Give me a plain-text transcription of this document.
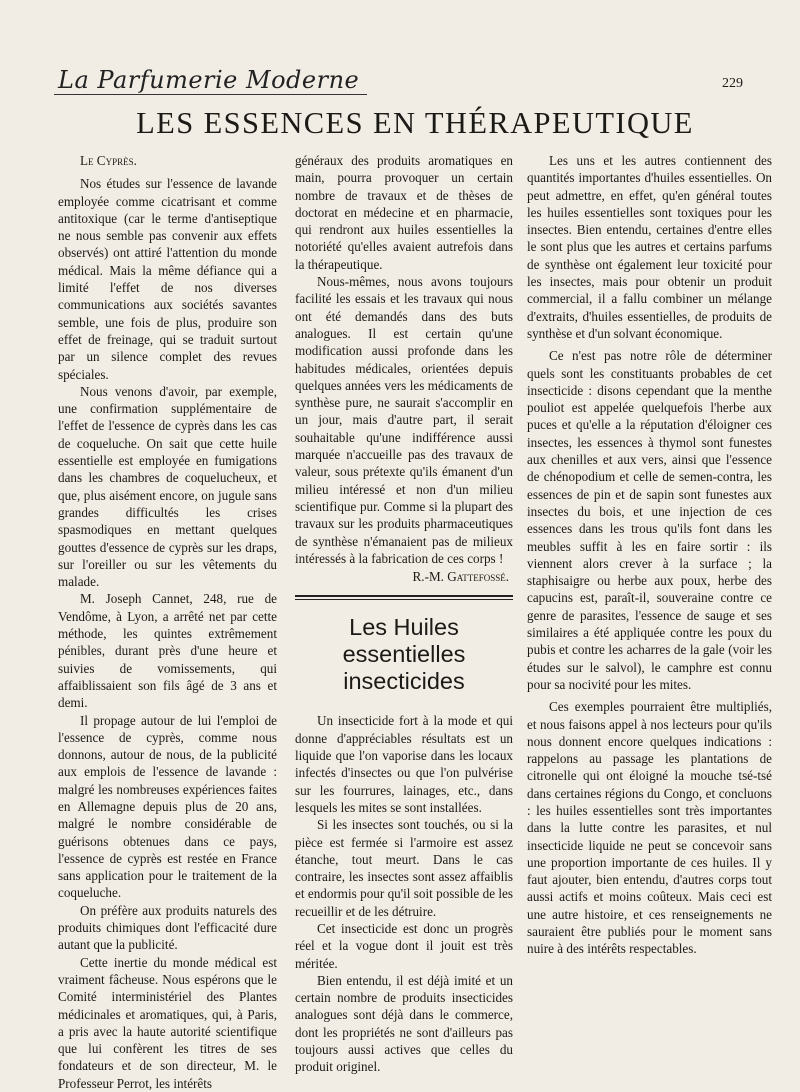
La Parfumerie Moderne	229
LES ESSENCES EN THÉRAPEUTIQUE

Le Cyprès.

Nos études sur l'essence de lavande employée comme cicatrisant et comme antitoxique (car le terme d'antiseptique ne nous semble pas convenir aux effets observés) ont attiré l'attention du monde médical. Mais la même défiance qui a limité l'effet de nos diverses communications aux sociétés savantes semble, une fois de plus, produire son effet de freinage, qui se traduit surtout par un silence complet des revues spéciales.

Nous venons d'avoir, par exemple, une confirmation supplémentaire de l'effet de l'essence de cyprès dans les cas de coqueluche. On sait que cette huile essentielle est employée en fumigations dans les chambres de coquelucheux, et que, plus aisément encore, on jugule sans grandes difficultés les crises spasmodiques en mettant quelques gouttes d'essence de cyprès sur les draps, sur l'oreiller ou sur les vêtements du malade.

M. Joseph Cannet, 248, rue de Vendôme, à Lyon, a arrêté net par cette méthode, les quintes extrêmement pénibles, durant près d'une heure et suivies de vomissements, qui affaiblissaient son fils âgé de 3 ans et demi.

Il propage autour de lui l'emploi de l'essence de cyprès, comme nous donnons, autour de nous, de la publicité aux emplois de l'essence de lavande : malgré les nombreuses expériences faites en Allemagne depuis plus de 20 ans, malgré le nombre considérable de guérisons obtenues dans ce pays, l'essence de cyprès est restée en France sans application pour le traitement de la coqueluche.

On préfère aux produits naturels des produits chimiques dont l'efficacité dure autant que la publicité.

Cette inertie du monde médical est vraiment fâcheuse. Nous espérons que le Comité interministériel des Plantes médicinales et aromatiques, qui, à Paris, a pris avec la haute autorité scientifique que lui confèrent les titres de ses fondateurs et de son directeur, M. le Professeur Perrot, les intérêts

généraux des produits aromatiques en main, pourra provoquer un certain nombre de travaux et de thèses de doctorat en médecine et en pharmacie, qui rendront aux huiles essentielles la notoriété qu'elles avaient autrefois dans la thérapeutique.

Nous-mêmes, nous avons toujours facilité les essais et les travaux qui nous ont été demandés dans des buts analogues. Il est certain qu'une modification aussi profonde dans les habitudes médicales, orientées depuis quelques années vers les médicaments de synthèse pure, ne saurait s'accomplir en un jour, mais d'autre part, il serait souhaitable qu'une indifférence aussi marquée n'accueille pas des travaux de valeur, sous prétexte qu'ils émanent d'un milieu intéressé et non d'un milieu scientifique pur. Comme si la plupart des travaux sur les produits pharmaceutiques de synthèse n'émanaient pas de milieux intéressés à la fabrication de ces corps !

R.-M. Gattefossé.

Les Huiles essentielles insecticides

Un insecticide fort à la mode et qui donne d'appréciables résultats est un liquide que l'on vaporise dans les locaux infectés d'insectes ou que l'on pulvérise sur les fourrures, lainages, etc., dans lesquels les mites se sont installées.

Si les insectes sont touchés, ou si la pièce est fermée si l'armoire est assez étanche, tout meurt. Dans le cas contraire, les insectes sont assez affaiblis et endormis pour qu'il soit possible de les recueillir et de les détruire.

Cet insecticide est donc un progrès réel et la vogue dont il jouit est très méritée.

Bien entendu, il est déjà imité et un certain nombre de produits insecticides analogues sont déjà dans le commerce, dont les propriétés ne sont d'ailleurs pas toujours aussi actives que celles du produit originel.

Les uns et les autres contiennent des quantités importantes d'huiles essentielles. On peut admettre, en effet, qu'en général toutes les huiles essentielles sont toxiques pour les insectes. Bien entendu, certaines d'entre elles le sont plus que les autres et certains parfums de synthèse ont également leur toxicité pour les insectes, mais pour obtenir un produit commercial, il a fallu combiner un mélange d'extraits, d'huiles essentielles, de produits de synthèse et d'un solvant économique.

Ce n'est pas notre rôle de déterminer quels sont les constituants probables de cet insecticide : disons cependant que la menthe pouliot est appelée quelquefois l'herbe aux puces et qu'elle a la réputation d'éloigner ces insectes, les essences à thymol sont funestes aux chenilles et aux vers, ainsi que l'essence de chénopodium et celle de semen-contra, les essences de pin et de sapin sont funestes aux insectes du bois, et une injection de ces essences dans les trous qu'ils font dans les meubles suffit à les en faire sortir : ils viennent alors crever à la surface ; la staphisaigre ou herbe aux poux, herbe des capucins est, paraît-il, souveraine contre ce genre de parasites, l'essence de sauge et ses similaires a été appliquée contre les poux du pubis et contre les acharres de la gale (voir les études sur le salvol), le camphre est connu pour sa nocivité pour les mites.

Ces exemples pourraient être multipliés, et nous faisons appel à nos lecteurs pour qu'ils nous donnent encore quelques indications : rappelons au passage les plantations de citronelle qui ont éloigné la mouche tsé-tsé dans certaines régions du Congo, et concluons : les huiles essentielles sont très importantes dans la lutte contre les parasites, et nul insecticide liquide ne peut se concevoir sans une proportion importante de ces huiles. Il y faut ajouter, bien entendu, d'autres corps tout aussi actifs et moins coûteux. Mais ceci est une autre histoire, et ces renseignements ne sauraient être publiés pour le moment sans nuire à des intérêts respectables.
